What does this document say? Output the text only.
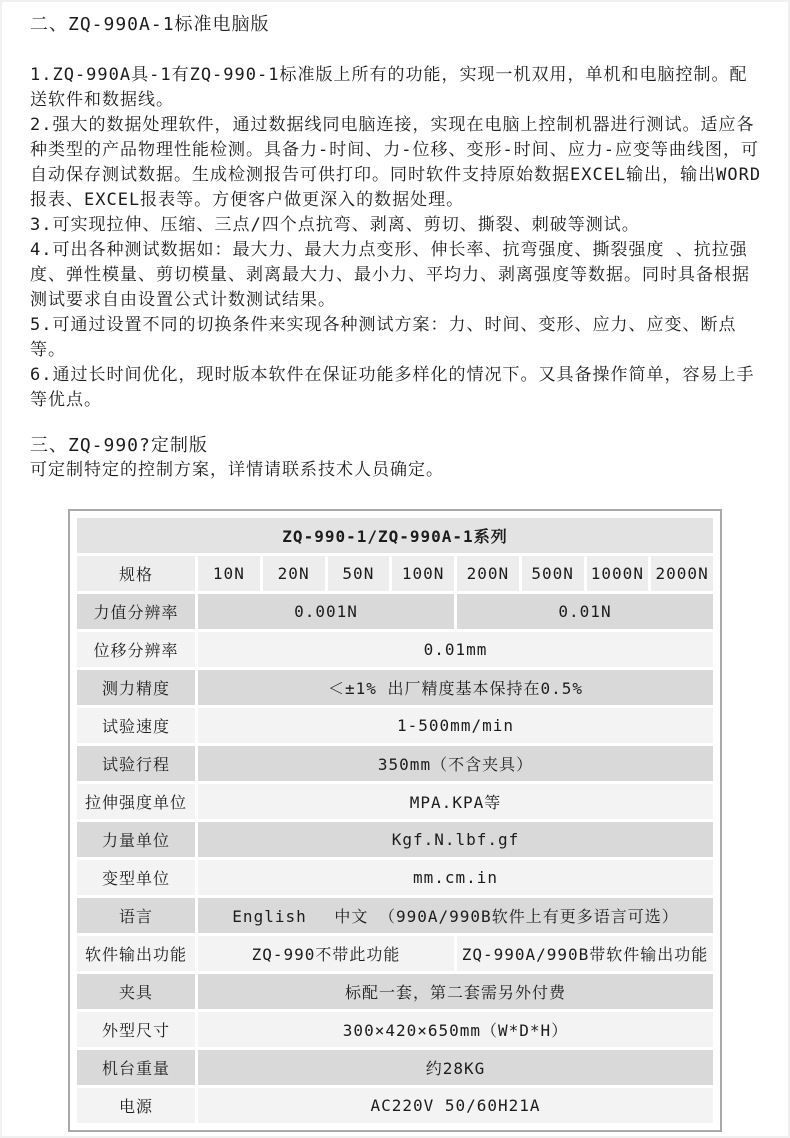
二、ZQ-990A-1标准电脑版

1.ZQ-990A具-1有ZQ-990-1标准版上所有的功能，实现一机双用，单机和电脑控制。配送软件和数据线。

2.强大的数据处理软件，通过数据线同电脑连接，实现在电脑上控制机器进行测试。适应各种类型的产品物理性能检测。具备力-时间、力-位移、变形-时间、应力-应变等曲线图，可自动保存测试数据。生成检测报告可供打印。同时软件支持原始数据EXCEL输出，输出WORD报表、EXCEL报表等。方便客户做更深入的数据处理。

3.可实现拉伸、压缩、三点/四个点抗弯、剥离、剪切、撕裂、刺破等测试。

4.可出各种测试数据如：最大力、最大力点变形、伸长率、抗弯强度、撕裂强度 、抗拉强度、弹性模量、剪切模量、剥离最大力、最小力、平均力、剥离强度等数据。同时具备根据测试要求自由设置公式计数测试结果。

5.可通过设置不同的切换条件来实现各种测试方案：力、时间、变形、应力、应变、断点等。

6.通过长时间优化，现时版本软件在保证功能多样化的情况下。又具备操作简单，容易上手等优点。

三、ZQ-990?定制版

可定制特定的控制方案，详情请联系技术人员确定。

ZQ-990-1/ZQ-990A-1系列								
规格	10N	20N	50N	100N	200N	500N	1000N	2000N
力值分辨率	0.001N				0.01N			
位移分辨率	0.01mm							
测力精度	＜±1% 出厂精度基本保持在0.5%							
试验速度	1-500mm/min							
试验行程	350mm（不含夹具）							
拉伸强度单位	MPA.KPA等							
力量单位	Kgf.N.lbf.gf							
变型单位	mm.cm.in							
语言	English　 中文 （990A/990B软件上有更多语言可选）							
软件输出功能	ZQ-990不带此功能				ZQ-990A/990B带软件输出功能			
夹具	标配一套，第二套需另外付费							
外型尺寸	300×420×650mm（W*D*H）							
机台重量	约28KG							
电源	AC220V 50/60H21A							
